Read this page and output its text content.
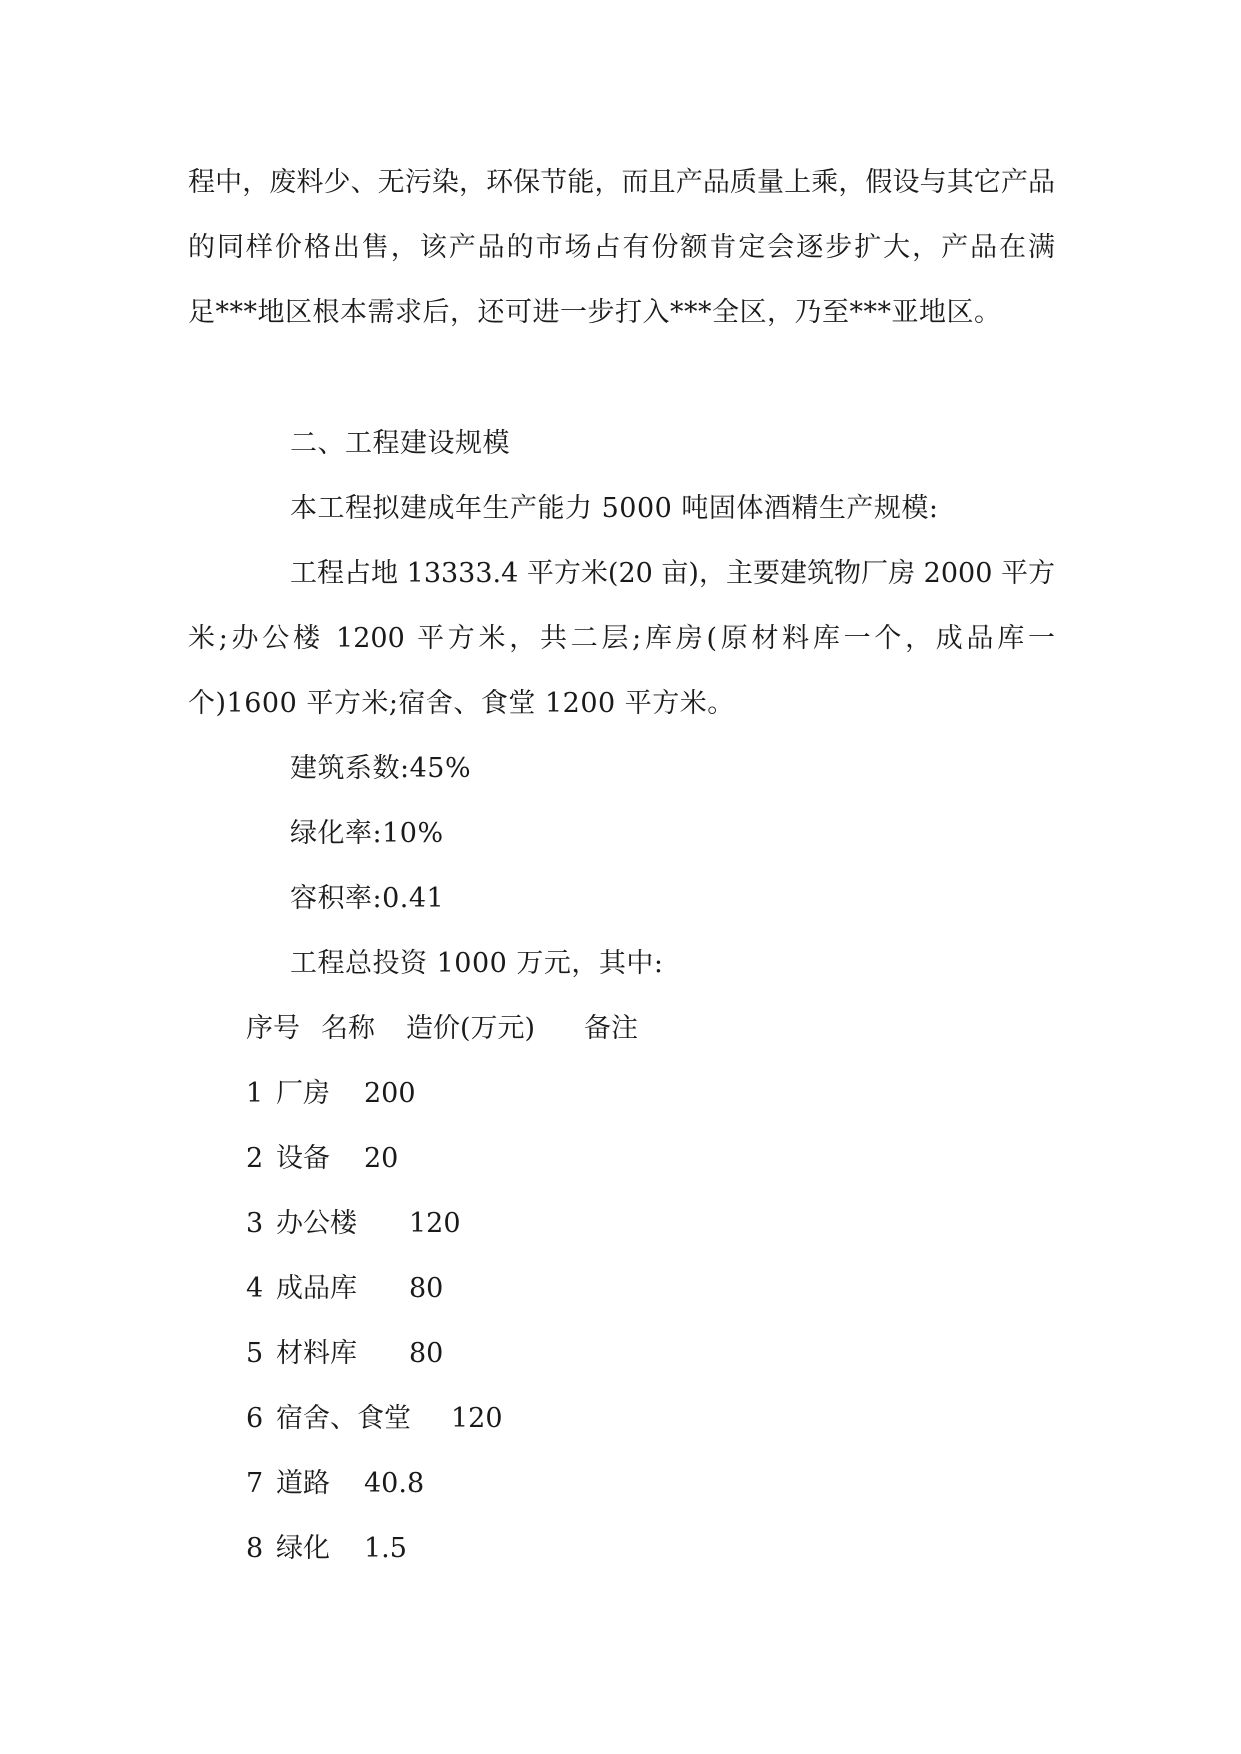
程中，废料少、无污染，环保节能，而且产品质量上乘，假设与其它产品
的同样价格出售，该产品的市场占有份额肯定会逐步扩大，产品在满
足***地区根本需求后，还可进一步打入***全区，乃至***亚地区。
二、工程建设规模
本工程拟建成年生产能力 5000 吨固体酒精生产规模:
工程占地 13333.4 平方米(20 亩)，主要建筑物厂房 2000 平方
米;办公楼 1200 平方米，共二层;库房(原材料库一个，成品库一
个)1600 平方米;宿舍、食堂 1200 平方米。
建筑系数:45%
绿化率:10%
容积率:0.41
工程总投资 1000 万元，其中:
序号 名称 造价(万元) 备注
1 厂房 200
2 设备 20
3 办公楼 120
4 成品库 80
5 材料库 80
6 宿舍、食堂 120
7 道路 40.8
8 绿化 1.5
